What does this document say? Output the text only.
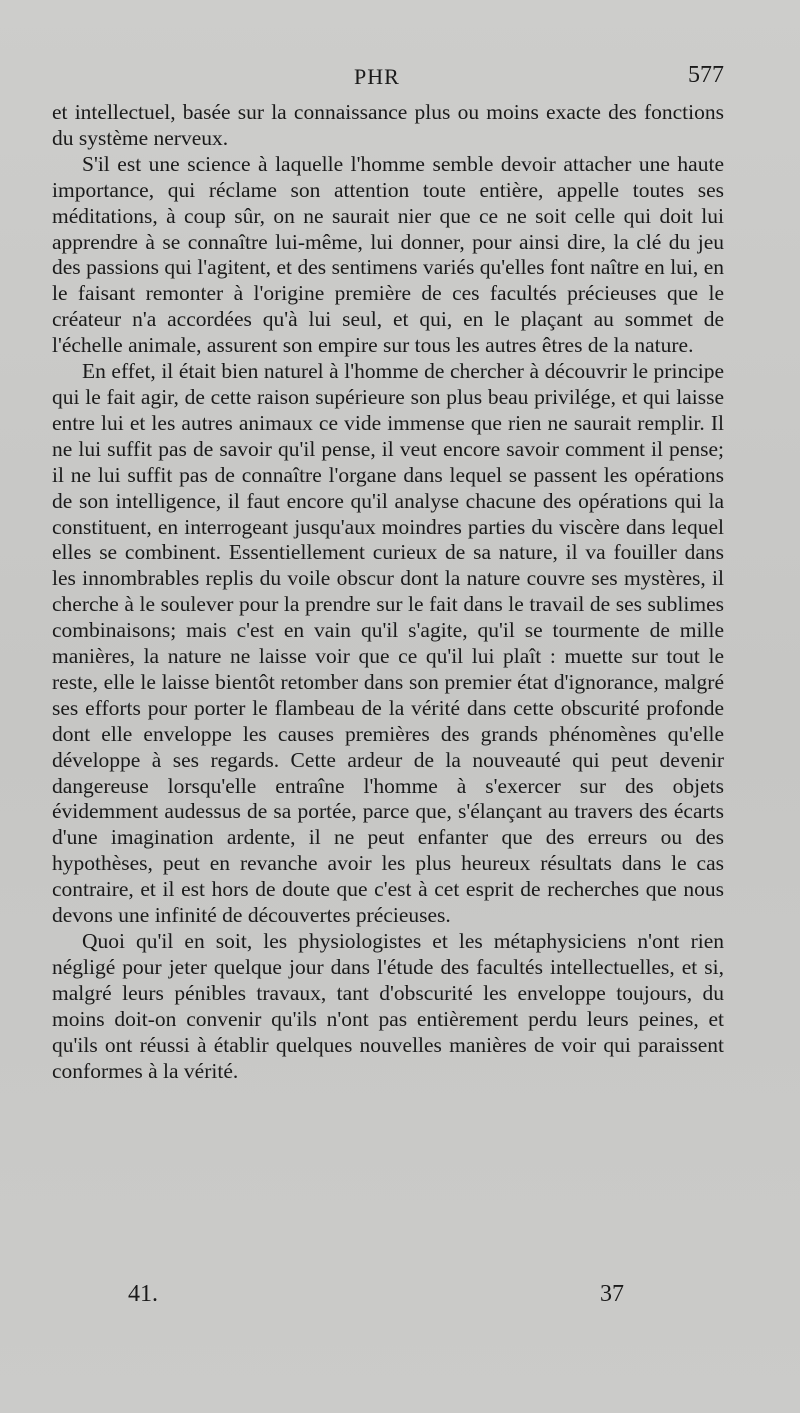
PHR	577

et intellectuel, basée sur la connaissance plus ou moins exacte des fonctions du système nerveux.

S'il est une science à laquelle l'homme semble devoir attacher une haute importance, qui réclame son attention toute entière, appelle toutes ses méditations, à coup sûr, on ne saurait nier que ce ne soit celle qui doit lui apprendre à se connaître lui-même, lui donner, pour ainsi dire, la clé du jeu des passions qui l'agitent, et des sentimens variés qu'elles font naître en lui, en le faisant remonter à l'origine première de ces facultés précieuses que le créateur n'a accordées qu'à lui seul, et qui, en le plaçant au sommet de l'échelle animale, assurent son empire sur tous les autres êtres de la nature.

En effet, il était bien naturel à l'homme de chercher à découvrir le principe qui le fait agir, de cette raison supérieure son plus beau privilége, et qui laisse entre lui et les autres animaux ce vide immense que rien ne saurait remplir. Il ne lui suffit pas de savoir qu'il pense, il veut encore savoir comment il pense; il ne lui suffit pas de connaître l'organe dans lequel se passent les opérations de son intelligence, il faut encore qu'il analyse chacune des opérations qui la constituent, en interrogeant jusqu'aux moindres parties du viscère dans lequel elles se combinent. Essentiellement curieux de sa nature, il va fouiller dans les innombrables replis du voile obscur dont la nature couvre ses mystères, il cherche à le soulever pour la prendre sur le fait dans le travail de ses sublimes combinaisons; mais c'est en vain qu'il s'agite, qu'il se tourmente de mille manières, la nature ne laisse voir que ce qu'il lui plaît : muette sur tout le reste, elle le laisse bientôt retomber dans son premier état d'ignorance, malgré ses efforts pour porter le flambeau de la vérité dans cette obscurité profonde dont elle enveloppe les causes premières des grands phénomènes qu'elle développe à ses regards. Cette ardeur de la nouveauté qui peut devenir dangereuse lorsqu'elle entraîne l'homme à s'exercer sur des objets évidemment audessus de sa portée, parce que, s'élançant au travers des écarts d'une imagination ardente, il ne peut enfanter que des erreurs ou des hypothèses, peut en revanche avoir les plus heureux résultats dans le cas contraire, et il est hors de doute que c'est à cet esprit de recherches que nous devons une infinité de découvertes précieuses.

Quoi qu'il en soit, les physiologistes et les métaphysiciens n'ont rien négligé pour jeter quelque jour dans l'étude des facultés intellectuelles, et si, malgré leurs pénibles travaux, tant d'obscurité les enveloppe toujours, du moins doit-on convenir qu'ils n'ont pas entièrement perdu leurs peines, et qu'ils ont réussi à établir quelques nouvelles manières de voir qui paraissent conformes à la vérité.

41.	37
